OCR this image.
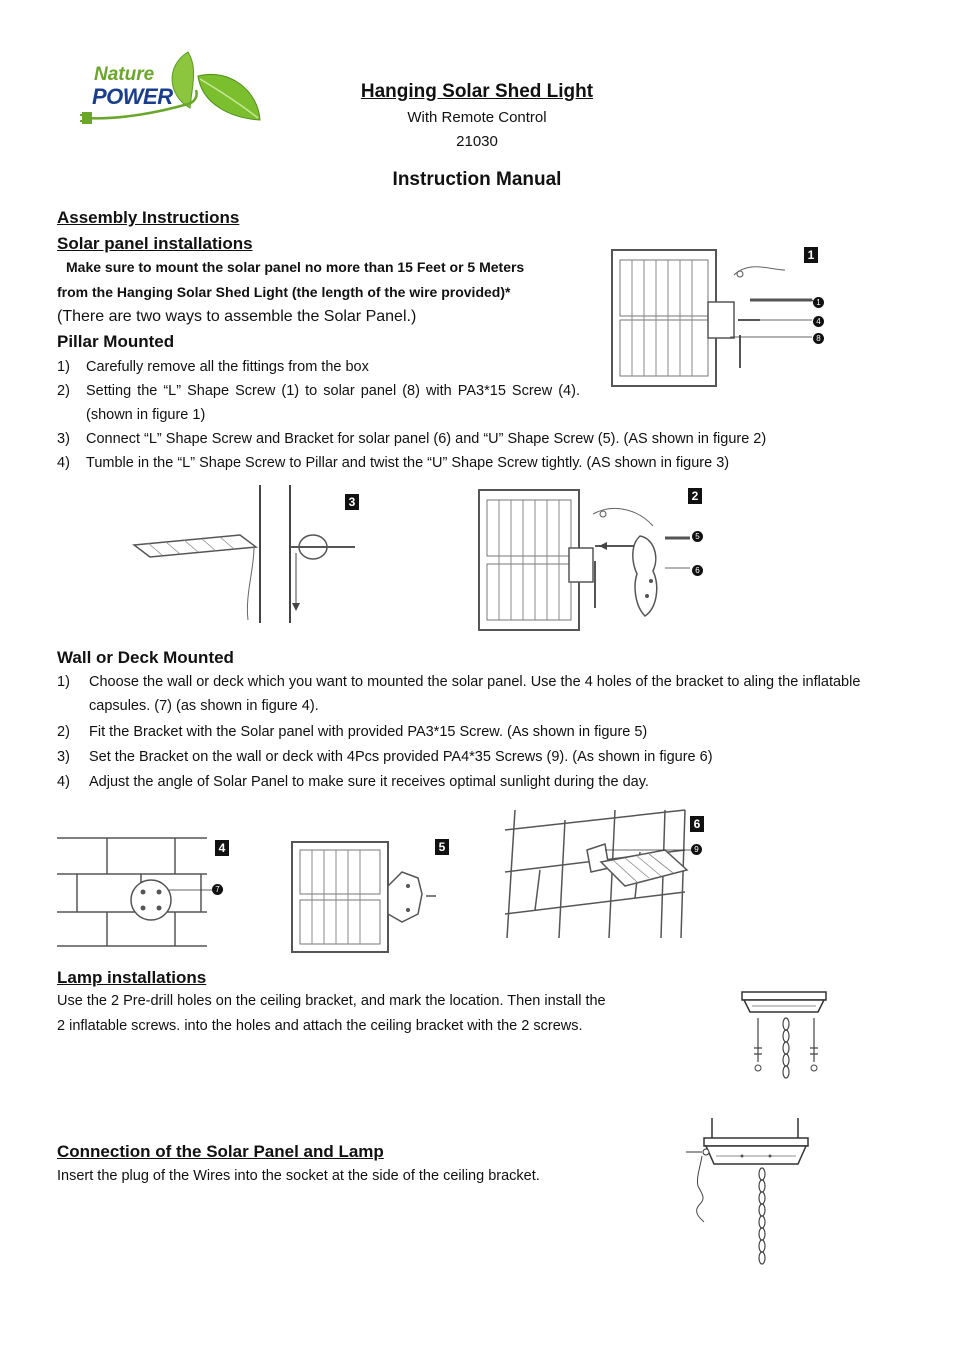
Nature
POWER	Hanging Solar Shed Light
With Remote Control
21030
Instruction Manual
Assembly Instructions
Solar panel installations
Make sure to mount the solar panel no more than 15 Feet or 5 Meters
from the Hanging Solar Shed Light (the length of the wire provided)*
(There are two ways to assemble the Solar Panel.)
Pillar Mounted
1) Carefully remove all the fittings from the box
2) Setting the “L” Shape Screw (1) to solar panel (8) with PA3*15 Screw (4).
(shown in figure 1)
3) Connect “L” Shape Screw and Bracket for solar panel (6) and “U” Shape Screw (5). (AS shown in figure 2)
4) Tumble in the “L” Shape Screw to Pillar and twist the “U” Shape Screw tightly. (AS shown in figure 3)
1
1
4
8
3	2
5
6
Wall or Deck Mounted
1) Choose the wall or deck which you want to mounted the solar panel. Use the 4 holes of the bracket to aling the inflatable
capsules. (7) (as shown in figure 4).
2) Fit the Bracket with the Solar panel with provided PA3*15 Screw. (As shown in figure 5)
3) Set the Bracket on the wall or deck with 4Pcs provided PA4*35 Screws (9). (As shown in figure 6)
4) Adjust the angle of Solar Panel to make sure it receives optimal sunlight during the day.
4
7
5
6
9
Lamp installations
Use the 2 Pre-drill holes on the ceiling bracket, and mark the location. Then install the
2 inflatable screws. into the holes and attach the ceiling bracket with the 2 screws.
Connection of the Solar Panel and Lamp
Insert the plug of the Wires into the socket at the side of the ceiling bracket.
